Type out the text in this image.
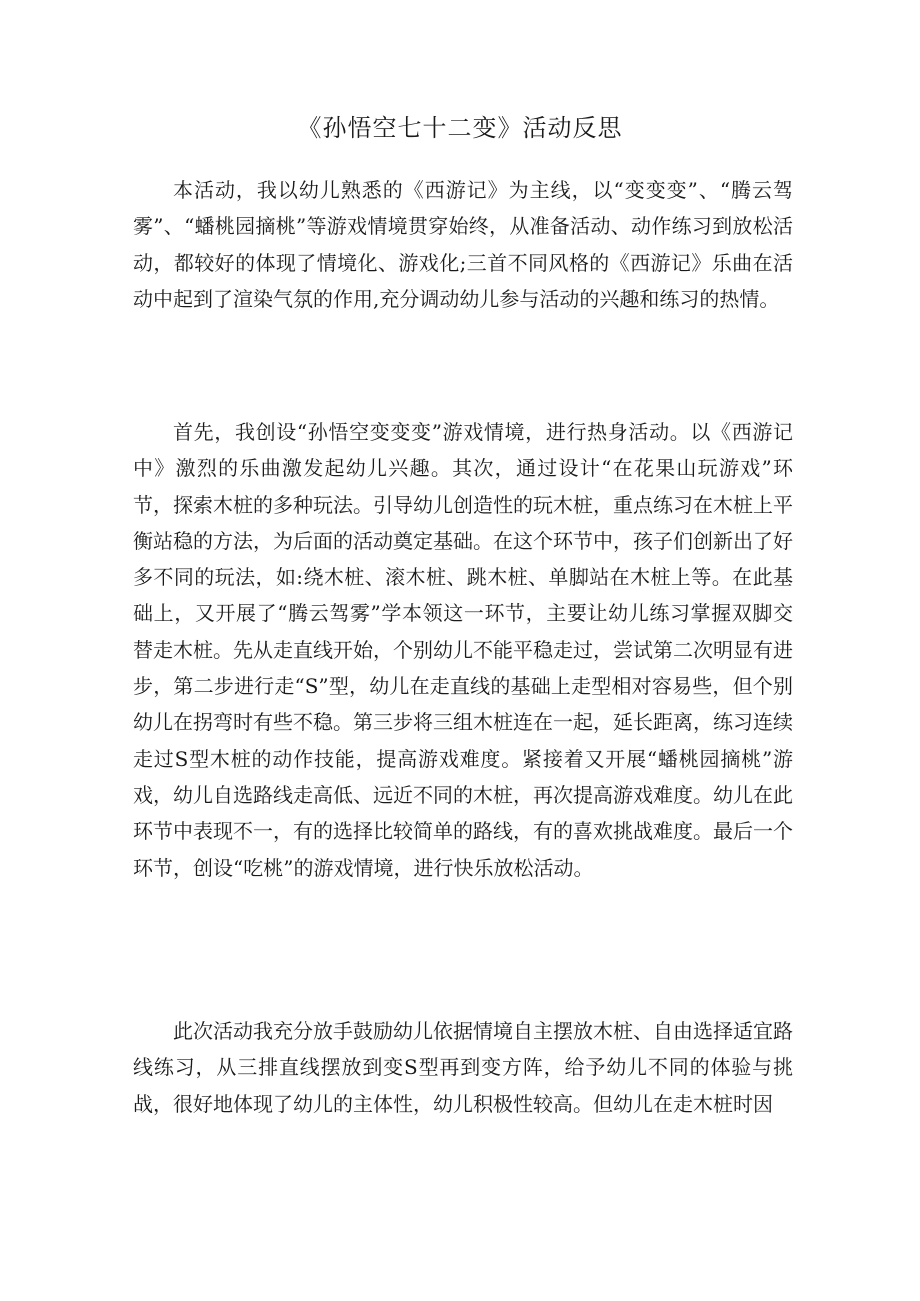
《孙悟空七十二变》活动反思

本活动，我以幼儿熟悉的《西游记》为主线，以“变变变”、“腾云驾雾”、“蟠桃园摘桃”等游戏情境贯穿始终，从准备活动、动作练习到放松活动，都较好的体现了情境化、游戏化;三首不同风格的《西游记》乐曲在活动中起到了渲染气氛的作用,充分调动幼儿参与活动的兴趣和练习的热情。

首先，我创设“孙悟空变变变”游戏情境，进行热身活动。以《西游记中》激烈的乐曲激发起幼儿兴趣。其次，通过设计“在花果山玩游戏”环节，探索木桩的多种玩法。引导幼儿创造性的玩木桩，重点练习在木桩上平衡站稳的方法，为后面的活动奠定基础。在这个环节中，孩子们创新出了好多不同的玩法，如:绕木桩、滚木桩、跳木桩、单脚站在木桩上等。在此基础上，又开展了“腾云驾雾”学本领这一环节，主要让幼儿练习掌握双脚交替走木桩。先从走直线开始，个别幼儿不能平稳走过，尝试第二次明显有进步，第二步进行走“S”型，幼儿在走直线的基础上走型相对容易些，但个别幼儿在拐弯时有些不稳。第三步将三组木桩连在一起，延长距离，练习连续走过S型木桩的动作技能，提高游戏难度。紧接着又开展“蟠桃园摘桃”游戏，幼儿自选路线走高低、远近不同的木桩，再次提高游戏难度。幼儿在此环节中表现不一，有的选择比较简单的路线，有的喜欢挑战难度。最后一个环节，创设“吃桃”的游戏情境，进行快乐放松活动。

此次活动我充分放手鼓励幼儿依据情境自主摆放木桩、自由选择适宜路线练习，从三排直线摆放到变S型再到变方阵，给予幼儿不同的体验与挑战，很好地体现了幼儿的主体性，幼儿积极性较高。但幼儿在走木桩时因
